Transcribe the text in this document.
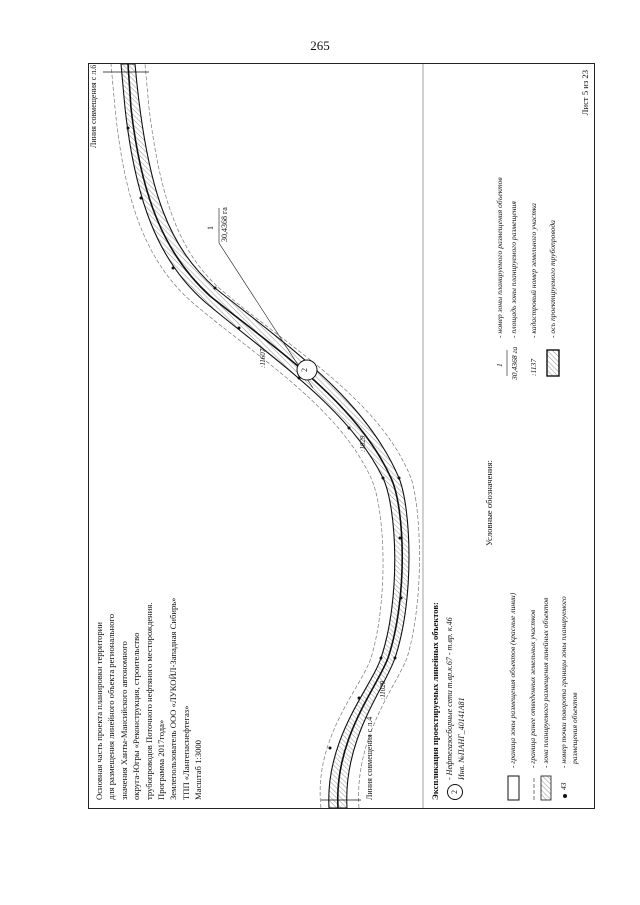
265
Линия совмещения с л.4
Линия совмещения с л.6
2
1 30,4368 га
:11607
:11029
:1029
Основная часть проекта планировки территории для размещения линейного объекта регионального значения Ханты-Мансийского автономного округа-Югры «Реконструкция, строительство трубопроводов Поточного нефтяного месторождения. Программа 2017года» Землепользователь ООО «ЛУКОЙЛ-Западная Сибирь» ТПП «Лангепаснефтегаз» Масштаб 1:3000	Экспликация проектируемых линейных объектов:	2
- Нефтегазосборные сети т.вр.к.67 - т.вр. к.46 Инв. №ПАНГ_40141А81
Условные обозначения:
- граница зоны размещения объектов (красные линии) - граница ранее отведенных земельных участков - зона планируемого размещения линейных объектов
43
- номер точки поворота границы зоны планируемого размещения объектов
1 30,4368 га :1137
- номер зоны планируемого размещения объектов - площадь зоны планируемого размещения - кадастровый номер земельного участка - ось проектируемого трубопровода
Лист 5 из 23
